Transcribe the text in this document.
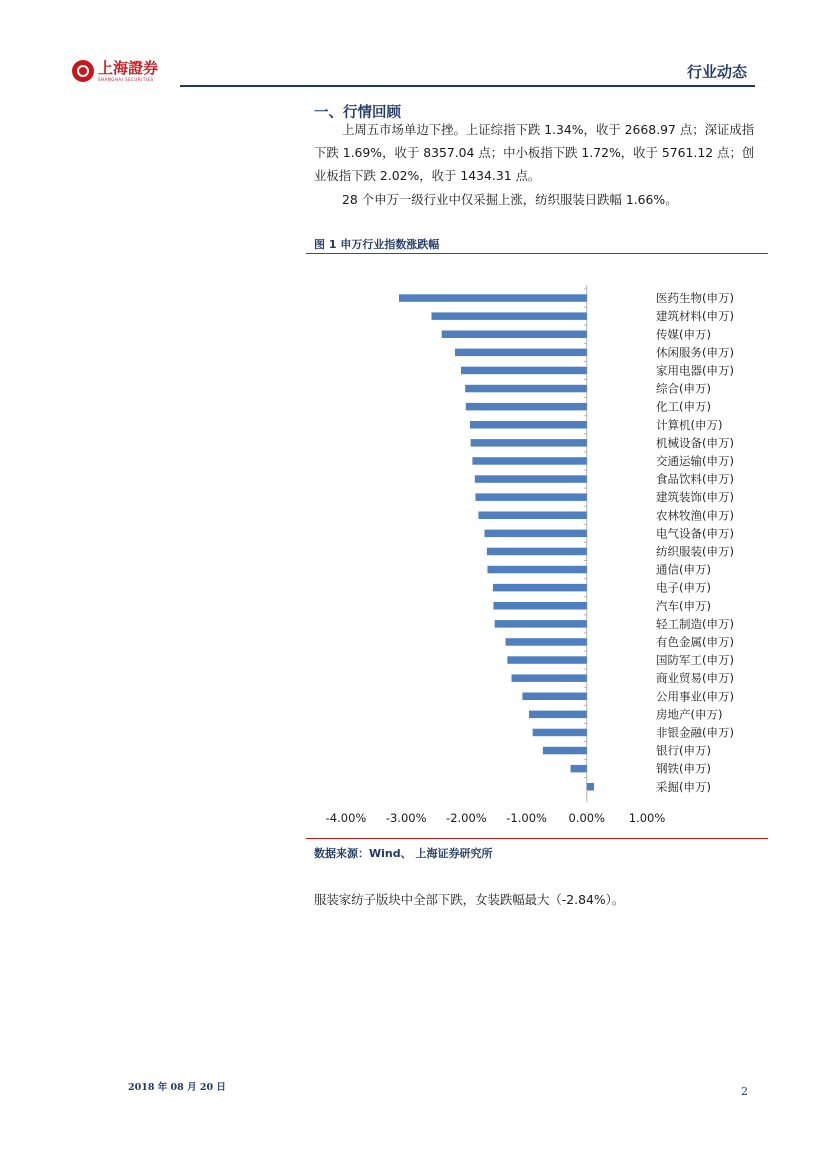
上海證券
SHANGHAI SECURITIES	行业动态
一、行情回顾
上周五市场单边下挫。上证综指下跌 1.34%，收于 2668.97 点；深证成指下跌 1.69%，收于 8357.04 点；中小板指下跌 1.72%，收于 5761.12 点；创业板指下跌 2.02%，收于 1434.31 点。
28 个申万一级行业中仅采掘上涨，纺织服装日跌幅 1.66%。
图 1 申万行业指数涨跌幅
医药生物(申万)
建筑材料(申万)
传媒(申万)
休闲服务(申万)
家用电器(申万)
综合(申万)
化工(申万)
计算机(申万)
机械设备(申万)
交通运输(申万)
食品饮料(申万)
建筑装饰(申万)
农林牧渔(申万)
电气设备(申万)
纺织服装(申万)
通信(申万)
电子(申万)
汽车(申万)
轻工制造(申万)
有色金属(申万)
国防军工(申万)
商业贸易(申万)
公用事业(申万)
房地产(申万)
非银金融(申万)
银行(申万)
钢铁(申万)
采掘(申万)
-4.00% -3.00% -2.00% -1.00% 0.00% 1.00%
数据来源：Wind、 上海证券研究所
服装家纺子版块中全部下跌，女装跌幅最大（-2.84%）。
2018 年 08 月 20 日	2
